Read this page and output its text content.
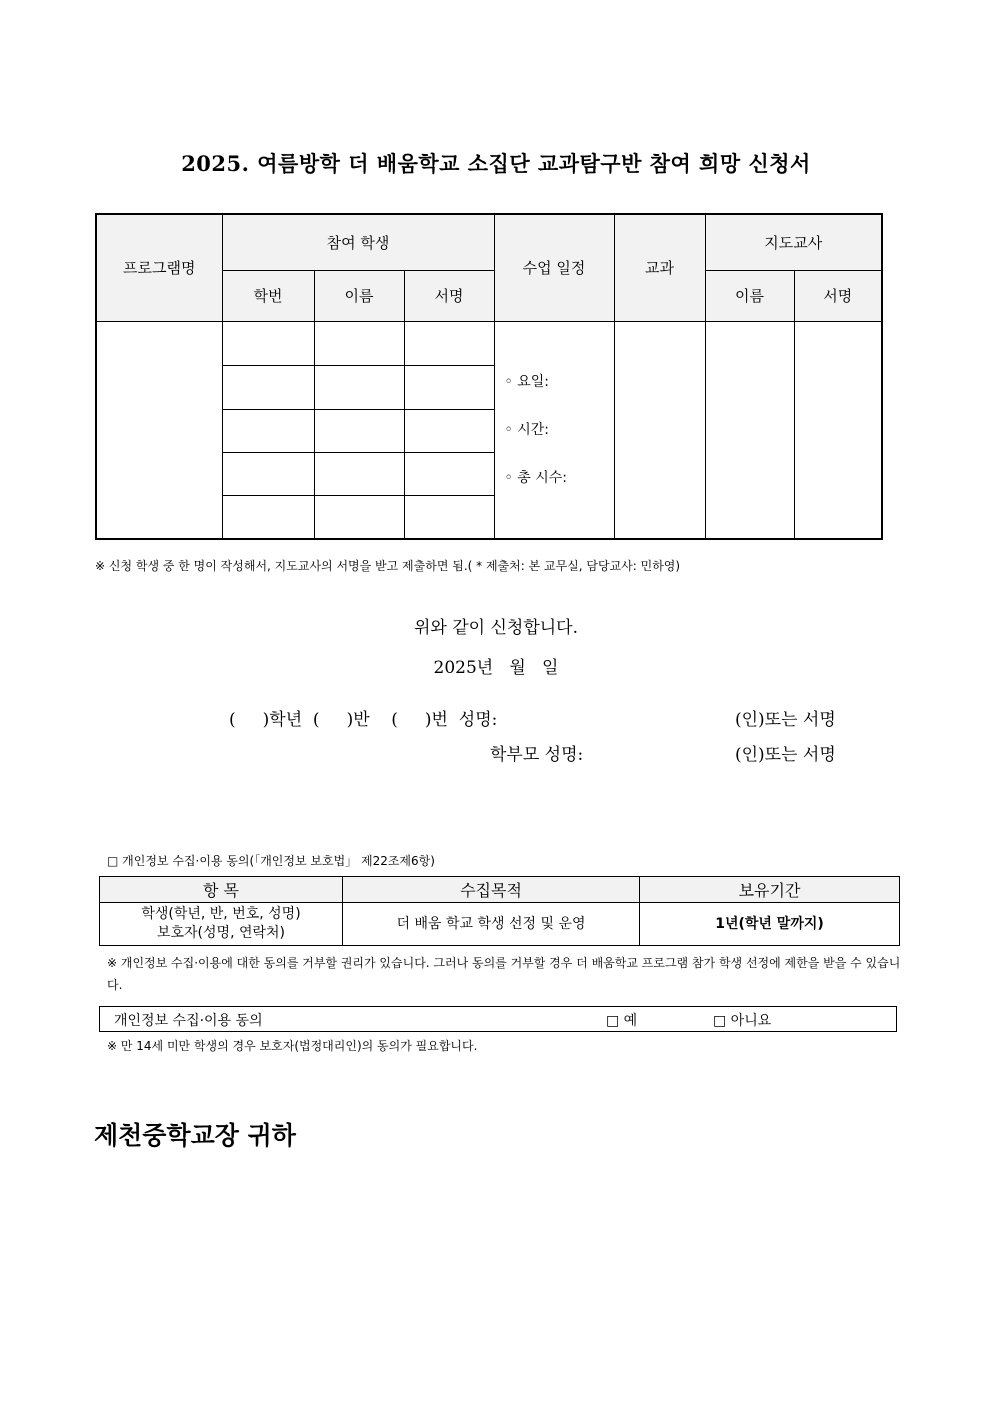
2025. 여름방학 더 배움학교 소집단 교과탐구반 참여 희망 신청서
프로그램명	참여 학생			수업 일정	교과	지도교사	
	학번	이름	서명			이름	서명

				◦ 요일:
◦ 시간:
◦ 총 시수:			

※ 신청 학생 중 한 명이 작성해서, 지도교사의 서명을 받고 제출하면 됨.( * 제출처: 본 교무실, 담당교사: 민하영)
위와 같이 신청합니다.
2025년   월   일
(     )학년  (     )반    (     )번  성명:	(인)또는 서명
학부모 성명:	(인)또는 서명
□ 개인정보 수집·이용 동의(「개인정보 보호법」 제22조제6항)
항 목	수집목적	보유기간

학생(학년, 반, 번호, 성명)
보호자(성명, 연락처)	더 배움 학교 학생 선정 및 운영	1년(학년 말까지)
※ 개인정보 수집·이용에 대한 동의를 거부할 권리가 있습니다. 그러나 동의를 거부할 경우 더 배움학교 프로그램 참가 학생 선정에 제한을 받을 수 있습니다.
개인정보 수집·이용 동의	□ 예	□ 아니요
※ 만 14세 미만 학생의 경우 보호자(법정대리인)의 동의가 필요합니다.
제천중학교장 귀하
